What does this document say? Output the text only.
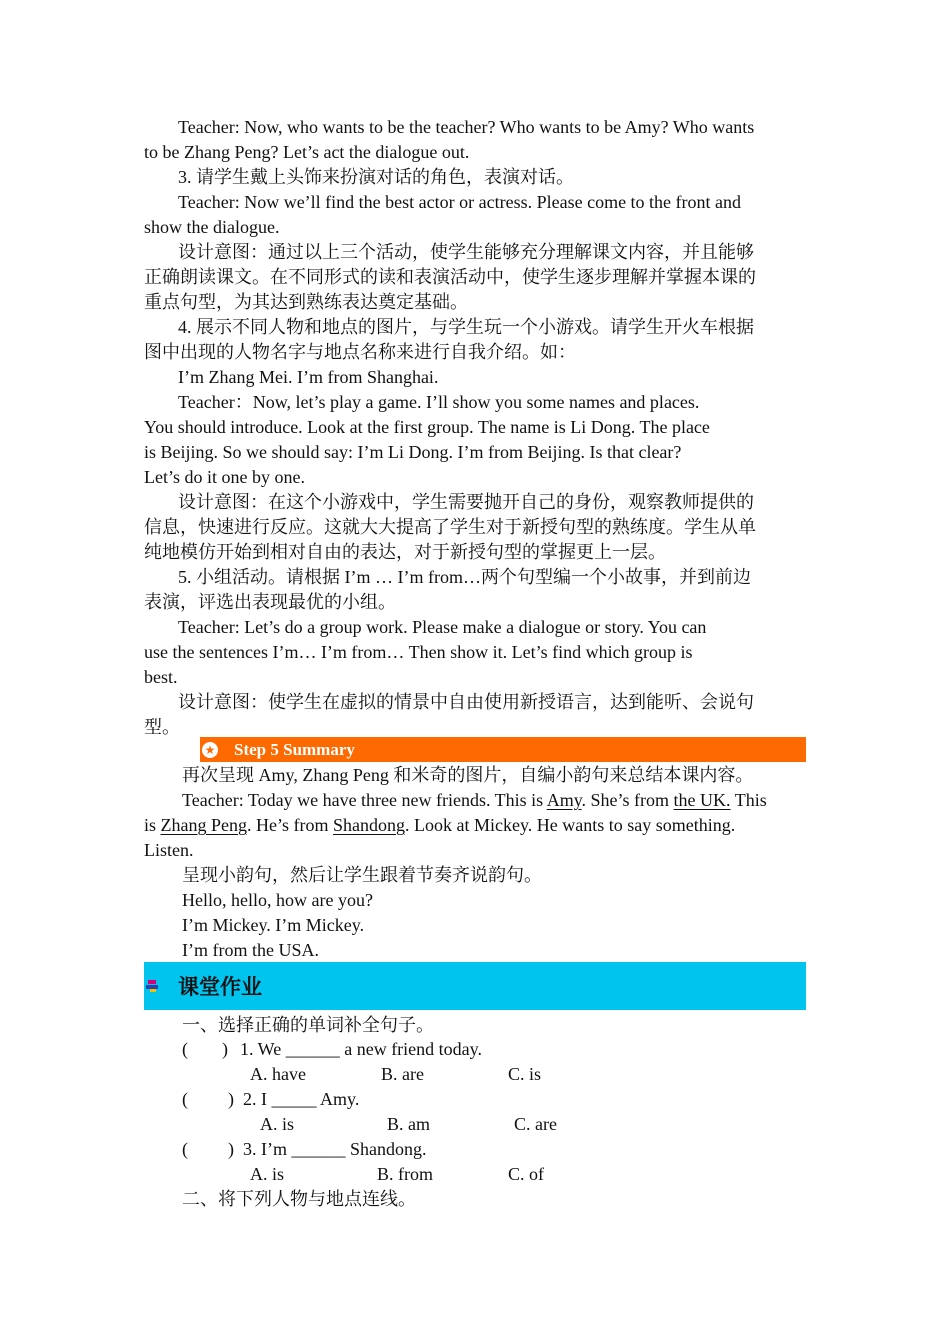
Teacher: Now, who wants to be the teacher? Who wants to be Amy? Who wants
to be Zhang Peng? Let’s act the dialogue out.
3. 请学生戴上头饰来扮演对话的角色，表演对话。
Teacher: Now we’ll find the best actor or actress. Please come to the front and
show the dialogue.
设计意图：通过以上三个活动，使学生能够充分理解课文内容，并且能够
正确朗读课文。在不同形式的读和表演活动中，使学生逐步理解并掌握本课的
重点句型，为其达到熟练表达奠定基础。
4. 展示不同人物和地点的图片，与学生玩一个小游戏。请学生开火车根据
图中出现的人物名字与地点名称来进行自我介绍。如：
I’m Zhang Mei. I’m from Shanghai.
Teacher：Now, let’s play a game. I’ll show you some names and places.
You should introduce. Look at the first group. The name is Li Dong. The place
is Beijing. So we should say: I’m Li Dong. I’m from Beijing. Is that clear?
Let’s do it one by one.
设计意图：在这个小游戏中，学生需要抛开自己的身份，观察教师提供的
信息，快速进行反应。这就大大提高了学生对于新授句型的熟练度。学生从单
纯地模仿开始到相对自由的表达，对于新授句型的掌握更上一层。
5. 小组活动。请根据 I’m … I’m from…两个句型编一个小故事，并到前边
表演，评选出表现最优的小组。
Teacher: Let’s do a group work. Please make a dialogue or story. You can
use the sentences I’m… I’m from… Then show it. Let’s find which group is
best.
设计意图：使学生在虚拟的情景中自由使用新授语言，达到能听、会说句
型。
★ Step 5 Summary
再次呈现 Amy, Zhang Peng 和米奇的图片，自编小韵句来总结本课内容。
Teacher: Today we have three new friends. This is Amy. She’s from the UK. This
is Zhang Peng. He’s from Shandong. Look at Mickey. He wants to say something.
Listen.
呈现小韵句，然后让学生跟着节奏齐说韵句。
Hello, hello, how are you?
I’m Mickey. I’m Mickey.
I’m from the USA.
课堂作业
一、选择正确的单词补全句子。
( ) 1. We ______ a new friend today.
A. have	B. are	C. is
( ) 2. I _____ Amy.
A. is	B. am	C. are
( ) 3. I’m ______ Shandong.
A. is	B. from	C. of
二、将下列人物与地点连线。
